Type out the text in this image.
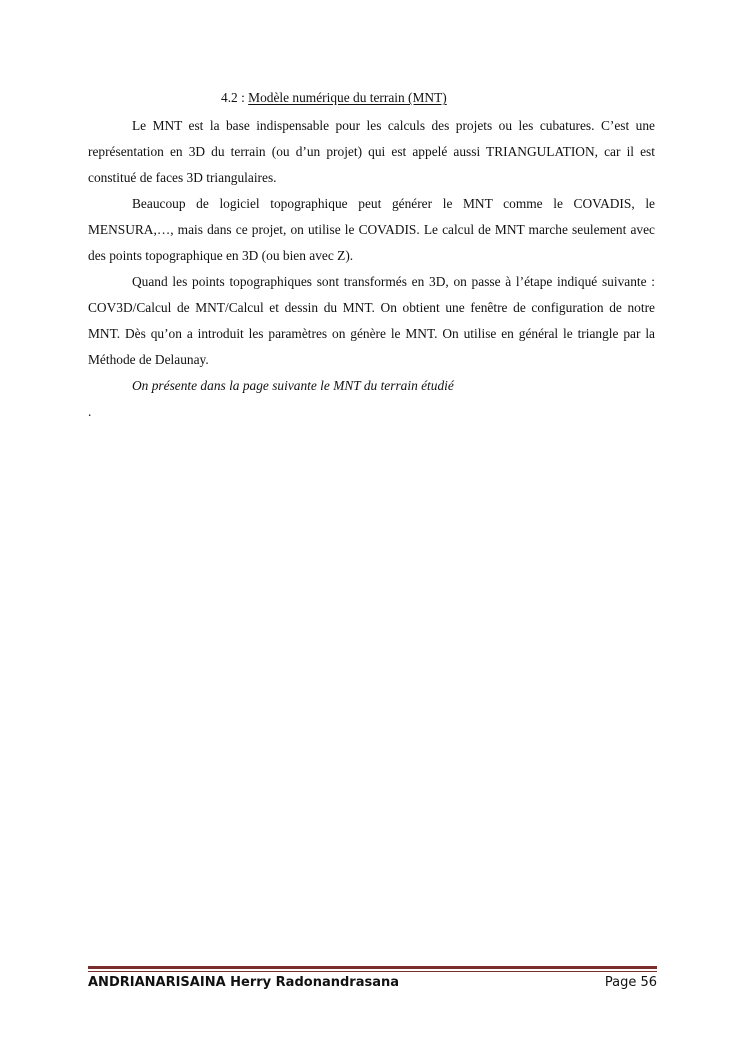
4.2 : Modèle numérique du terrain (MNT)

Le MNT est la base indispensable pour les calculs des projets ou les cubatures. C’est une représentation en 3D du terrain (ou d’un projet) qui est appelé aussi TRIANGULATION, car il est constitué de faces 3D triangulaires.

Beaucoup de logiciel topographique peut générer le MNT comme le COVADIS, le MENSURA,…, mais dans ce projet, on utilise le COVADIS. Le calcul de MNT marche seulement avec des points topographique en 3D (ou bien avec Z).

Quand les points topographiques sont transformés en 3D, on passe à l’étape indiqué suivante : COV3D/Calcul de MNT/Calcul et dessin du MNT. On obtient une fenêtre de configuration de notre MNT. Dès qu’on a introduit les paramètres on génère le MNT. On utilise en général le triangle par la Méthode de Delaunay.

On présente dans la page suivante le MNT du terrain étudié

.

ANDRIANARISAINA Herry Radonandrasana	Page 56
